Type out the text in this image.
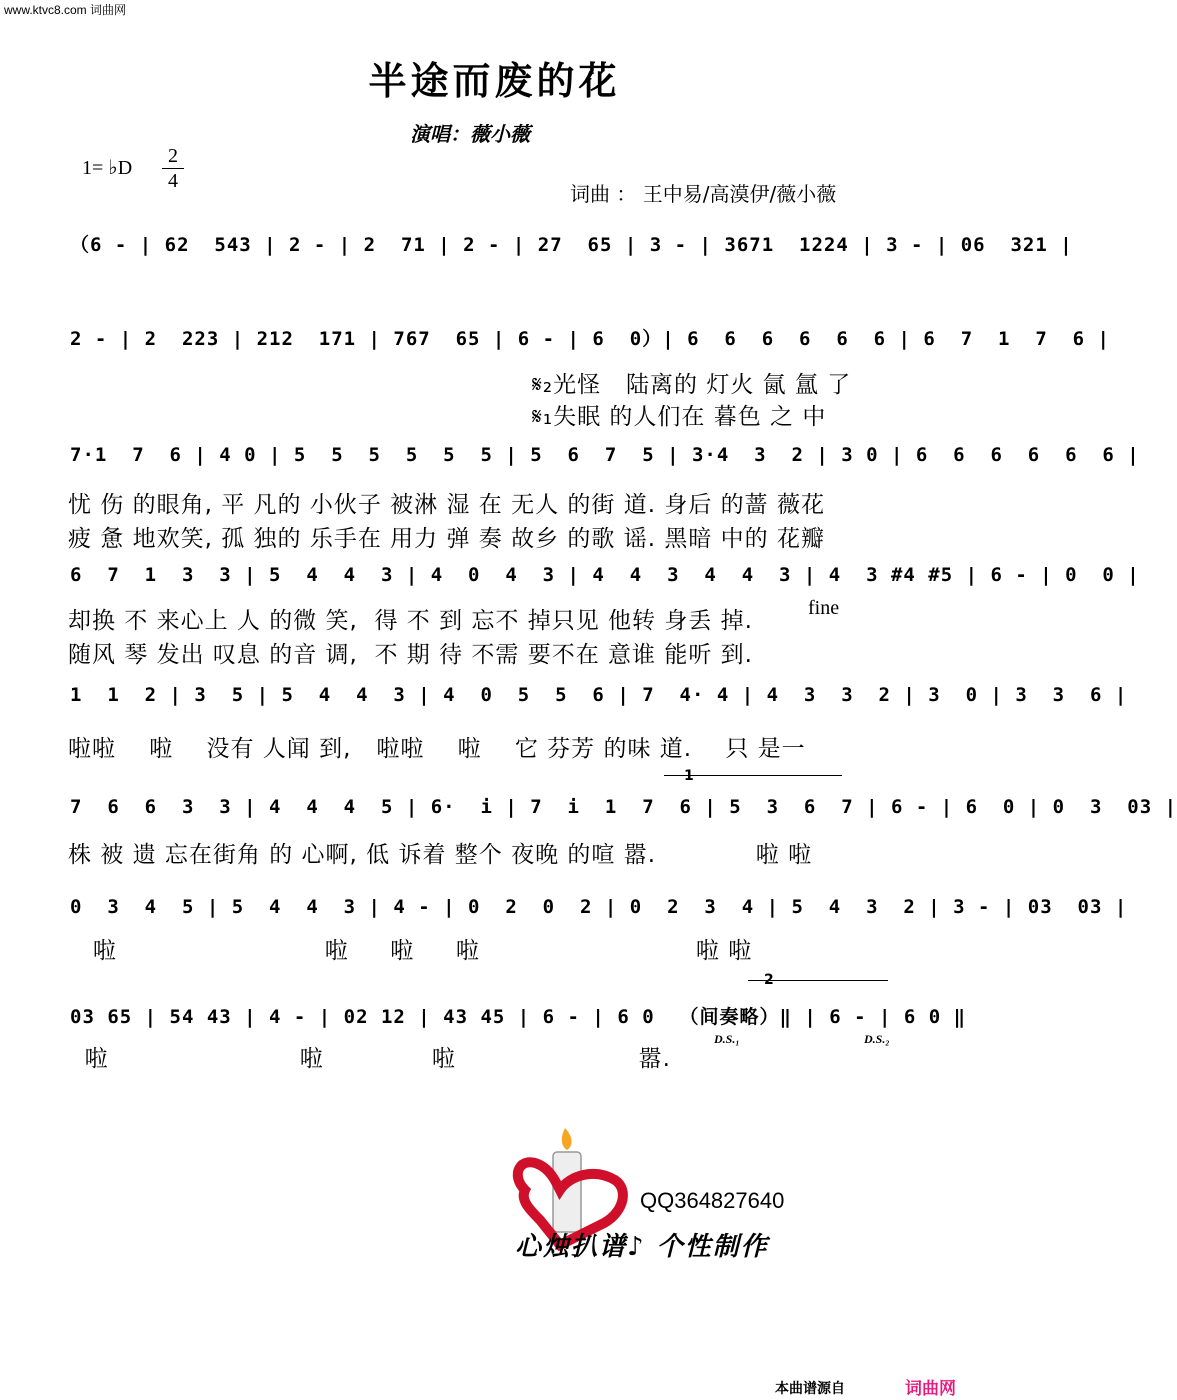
www.ktvc8.com 词曲网
半途而废的花
演唱：薇小薇
1= ♭D
2
4
词曲 ： 王中易/高漠伊/薇小薇
（6 - | 62  543 | 2 - | 2  71 | 2 - | 27  65 | 3 - | 3671  1224 | 3 - | 06  321 |
2 - | 2  223 | 212  171 | 767  65 | 6 - | 6  0）| 6  6  6  6  6  6 | 6  7  1  7  6 |
𝄋₂光怪   陆离的 灯火 氤 氲 了
𝄋₁失眠 的人们在 暮色 之 中
7·1  7  6 | 4 0 | 5  5  5  5  5  5 | 5  6  7  5 | 3·4  3  2 | 3 0 | 6  6  6  6  6  6 |
忧 伤 的眼角, 平 凡的 小伙子 被淋 湿 在 无人 的街 道. 身后 的蔷 薇花
疲 惫 地欢笑, 孤 独的 乐手在 用力 弹 奏 故乡 的歌 谣. 黑暗 中的 花瓣
6  7  1  3  3 | 5  4  4  3 | 4  0  4  3 | 4  4  3  4  4  3 | 4  3 #4 #5 | 6 - | 0  0 |
却换 不 来心上 人 的微 笑,  得 不 到 忘不 掉只见 他转 身丢 掉.	fine
随风 琴 发出 叹息 的音 调,  不 期 待 不需 要不在 意谁 能听 到.
1  1  2 | 3  5 | 5  4  4  3 | 4  0  5  5  6 | 7  4· 4 | 4  3  3  2 | 3  0 | 3  3  6 |
啦啦    啦    没有 人闻 到,   啦啦    啦    它 芬芳 的味 道.    只 是一
1
7  6  6  3  3 | 4  4  4  5 | 6·  i | 7  i  1  7  6 | 5  3  6  7 | 6 - | 6  0 | 0  3  03 |
株 被 遗 忘在街角 的 心啊, 低 诉着 整个 夜晚 的喧 嚣.            啦 啦
0  3  4  5 | 5  4  4  3 | 4 - | 0  2  0  2 | 0  2  3  4 | 5  4  3  2 | 3 - | 03  03 |
啦                         啦     啦     啦                          啦 啦
2
03 65 | 54 43 | 4 - | 02 12 | 43 45 | 6 - | 6 0  （间奏略）‖ | 6 - | 6 0 ‖
D.S.₁	D.S.₂
啦                       啦             啦                      嚣.
QQ364827640
心烛扒谱♪ 个性制作
本曲谱源自	词曲网
